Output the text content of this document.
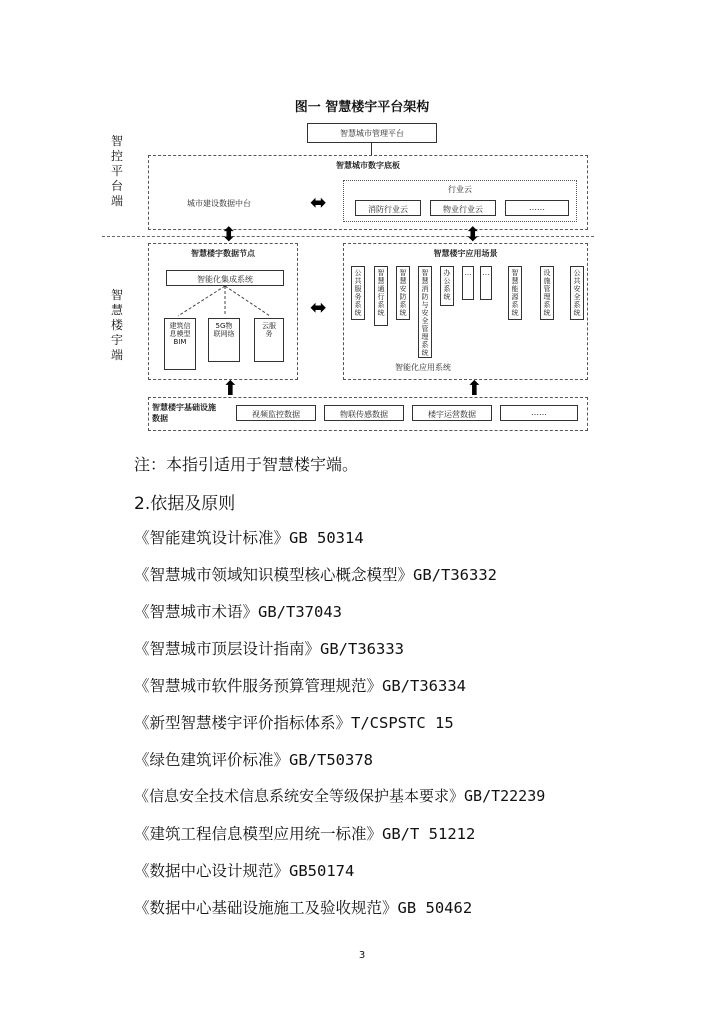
图一 智慧楼宇平台架构
智控平台端
智慧楼宇端
智慧城市管理平台
智慧城市数字底板
城市建设数据中台	⬌
行业云
消防行业云	物业行业云	……
⬌	⬌
智慧楼宇数据节点
智能化集成系统
建筑信息模型BIM
5G物联网络
云服务
⬌
智慧楼宇应用场景
公共服务系统
智慧通行系统
智慧安防系统
智慧消防与安全管理系统
办公系统
… …	智慧能源系统
设施管理系统
公共安全系统
智能化应用系统
⬆	⬆
智慧楼宇基础设施数据	视频监控数据	物联传感数据	楼宇运营数据	……
注：本指引适用于智慧楼宇端。
2.依据及原则
《智能建筑设计标准》GB 50314
《智慧城市领域知识模型核心概念模型》GB/T36332
《智慧城市术语》GB/T37043
《智慧城市顶层设计指南》GB/T36333
《智慧城市软件服务预算管理规范》GB/T36334
《新型智慧楼宇评价指标体系》T/CSPSTC 15
《绿色建筑评价标准》GB/T50378
《信息安全技术信息系统安全等级保护基本要求》GB/T22239
《建筑工程信息模型应用统一标准》GB/T 51212
《数据中心设计规范》GB50174
《数据中心基础设施施工及验收规范》GB 50462
3
